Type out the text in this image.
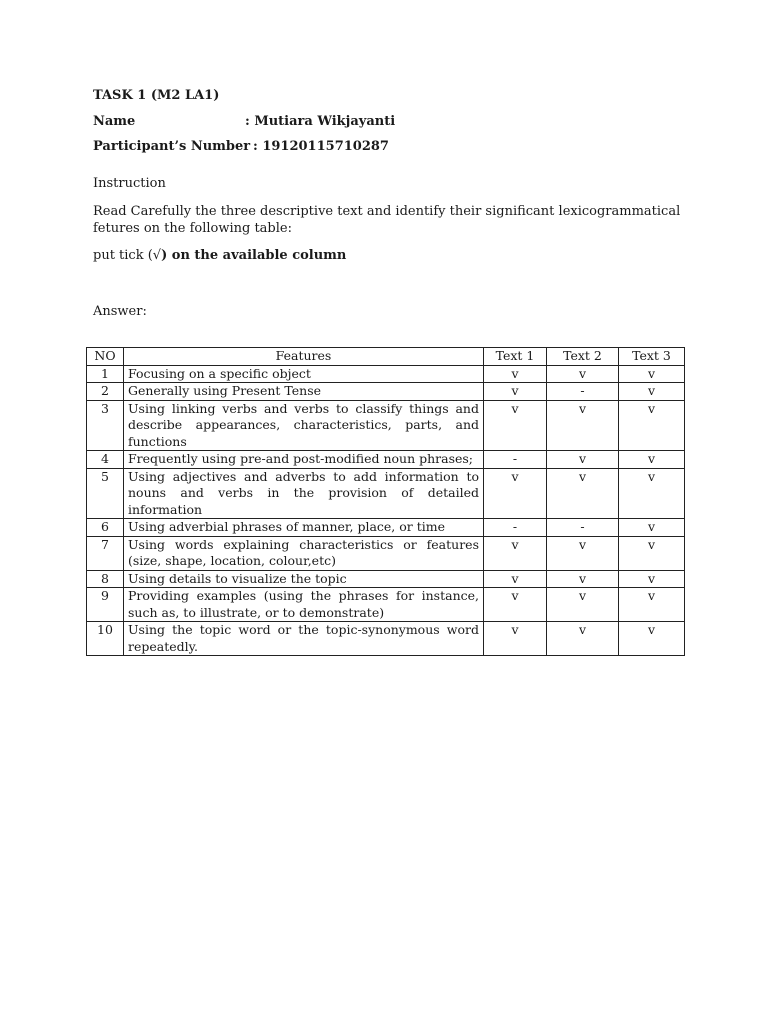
TASK 1 (M2 LA1)
Name	: Mutiara Wikjayanti
Participant’s Number : 19120115710287
Instruction
Read Carefully the three descriptive text and identify their significant lexicogrammatical fetures on the following table:
put tick (√) on the available column
Answer:
NO	Features	Text 1	Text 2	Text 3
1	Focusing on a specific object	v	v	v
2	Generally using Present Tense	v	-	v
3	Using linking verbs and verbs to classify things and describe appearances, characteristics, parts, and functions	v	v	v
4	Frequently using pre-and post-modified noun phrases;	-	v	v
5	Using adjectives and adverbs to add information to nouns and verbs in the provision of detailed information	v	v	v
6	Using adverbial phrases of manner, place, or time	-	-	v
7	Using words explaining characteristics or features (size, shape, location, colour,etc)	v	v	v
8	Using details to visualize the topic	v	v	v
9	Providing examples (using the phrases for instance, such as, to illustrate, or to demonstrate)	v	v	v
10	Using the topic word or the topic-synonymous word repeatedly.	v	v	v
